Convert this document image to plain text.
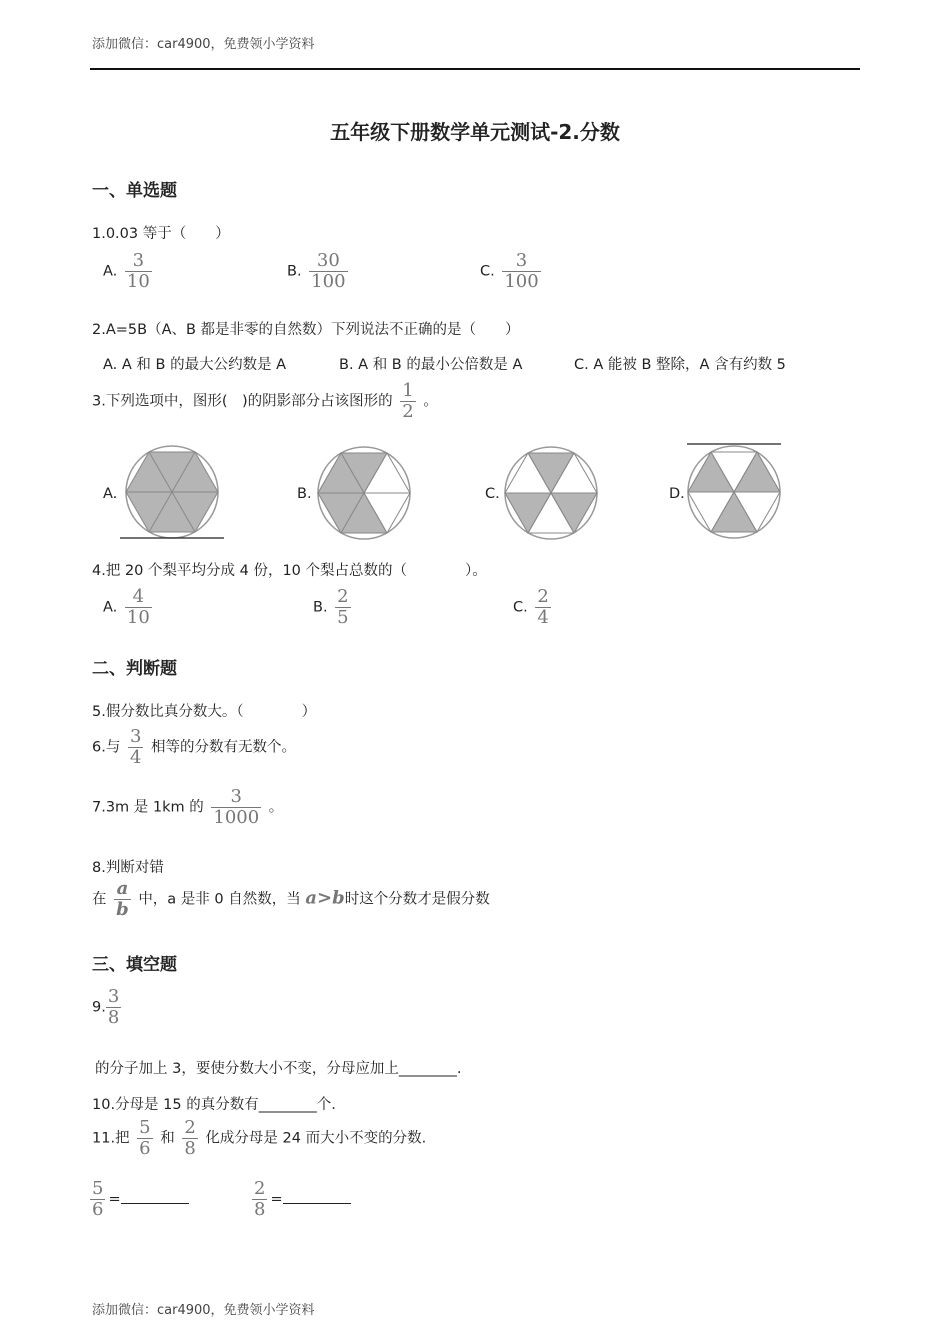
添加微信：car4900，免费领小学资料
五年级下册数学单元测试-2.分数
一、单选题
1.0.03 等于（　　）
A. $\frac{3}{10}$	B. $\frac{30}{100}$	C. $\frac{3}{100}$
2.A=5B（A、B 都是非零的自然数）下列说法不正确的是（　　）
A. A 和 B 的最大公约数是 A	B. A 和 B 的最小公倍数是 A	C. A 能被 B 整除，A 含有约数 5
3.下列选项中，图形(　)的阴影部分占该图形的 $\frac{1}{2}$ 。
A.	B.	C.	D.
4.把 20 个梨平均分成 4 份，10 个梨占总数的（　　　　）。
A. $\frac{4}{10}$	B. $\frac{2}{5}$	C. $\frac{2}{4}$
二、判断题
5.假分数比真分数大。（　　　　）
6.与 $\frac{3}{4}$ 相等的分数有无数个。
7.3m 是 1km 的 $\frac{3}{1000}$ 。
8.判断对错
在 $\frac{a}{b}$ 中，a 是非 0 自然数，当 a>b时这个分数才是假分数
三、填空题
9. $\frac{3}{8}$
的分子加上 3，要使分数大小不变，分母应加上________.
10.分母是 15 的真分数有________个.
11.把 $\frac{5}{6}$ 和 $\frac{2}{8}$ 化成分母是 24 而大小不变的分数.
$\frac{5}{6}$ =	$\frac{2}{8}$ =
添加微信：car4900，免费领小学资料
